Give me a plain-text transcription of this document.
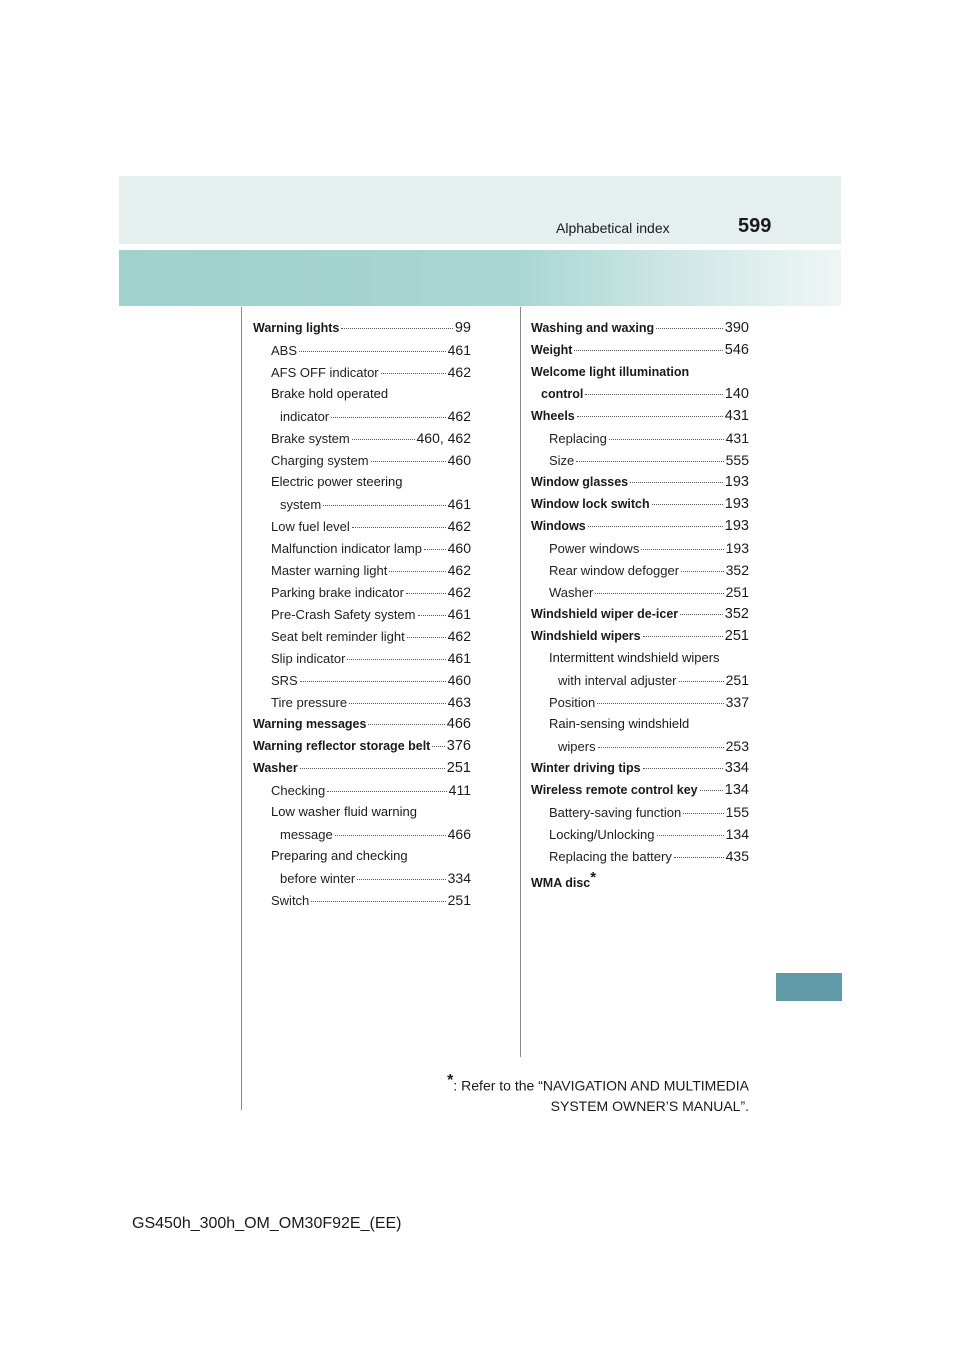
Alphabetical index	599
Warning lights	99
ABS	461
AFS OFF indicator	462
Brake hold operated
indicator	462
Brake system	460, 462
Charging system	460
Electric power steering
system	461
Low fuel level	462
Malfunction indicator lamp 460
Master warning light	462
Parking brake indicator	462
Pre-Crash Safety system 461
Seat belt reminder light	462
Slip indicator	461
SRS	460
Tire pressure	463
Warning messages	466
Warning reflector storage belt 376
Washer	251
Checking	411
Low washer fluid warning
message	466
Preparing and checking
before winter	334
Switch	251
Washing and waxing	390
Weight	546
Welcome light illumination
control	140
Wheels	431
Replacing	431
Size	555
Window glasses	193
Window lock switch	193
Windows	193
Power windows	193
Rear window defogger	352
Washer	251
Windshield wiper de-icer	352
Windshield wipers	251
Intermittent windshield wipers
with interval adjuster	251
Position	337
Rain-sensing windshield
wipers	253
Winter driving tips	334
Wireless remote control key 134
Battery-saving function	155
Locking/Unlocking	134
Replacing the battery	435
WMA disc*
*: Refer to the “NAVIGATION AND MULTIMEDIA
SYSTEM OWNER’S MANUAL”.
GS450h_300h_OM_OM30F92E_(EE)
